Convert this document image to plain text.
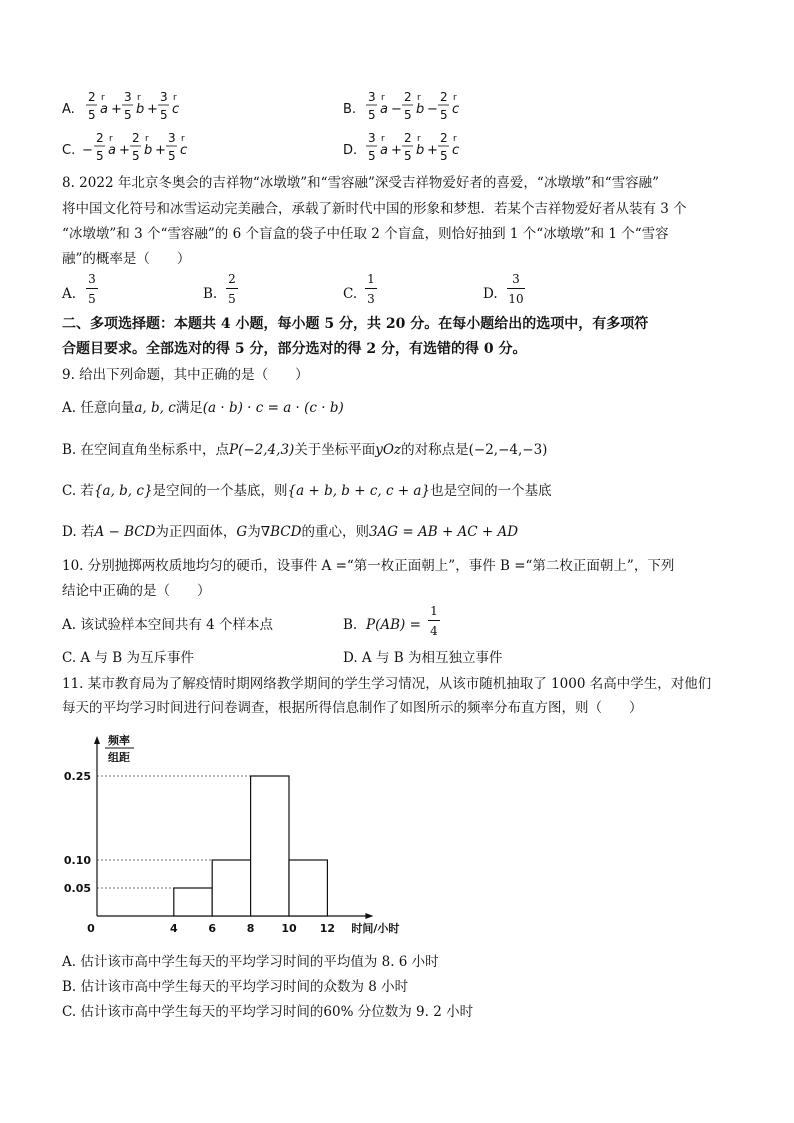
A.
2
5
r
a +
3
5
r
b +
3
5
r
c	B.
3
5
r
a −
2
5
r
b −
2
5
r
c
C. −
2
5
r
a +
2
5
r
b +
3
5
r
c	D.
3
5
r
a +
2
5
r
b +
2
5
r
c
8. 2022 年北京冬奥会的吉祥物“冰墩墩”和“雪容融”深受吉祥物爱好者的喜爱，“冰墩墩”和“雪容融”
将中国文化符号和冰雪运动完美融合，承载了新时代中国的形象和梦想．若某个吉祥物爱好者从装有 3 个
“冰墩墩”和 3 个“雪容融”的 6 个盲盒的袋子中任取 2 个盲盒，则恰好抽到 1 个“冰墩墩”和 1 个“雪容
融”的概率是（　　）
A.
3
5	B.
2
5	C.
1
3	D.
3
10
二、多项选择题：本题共 4 小题，每小题 5 分，共 20 分。在每小题给出的选项中，有多项符
合题目要求。全部选对的得 5 分，部分选对的得 2 分，有选错的得 0 分。
9. 给出下列命题，其中正确的是（　　）
A. 任意向量a, b, c满足(a · b) · c = a · (c · b)
B. 在空间直角坐标系中，点P(−2,4,3)关于坐标平面yOz的对称点是(−2,−4,−3)
C. 若{a, b, c}是空间的一个基底，则{a + b, b + c, c + a}也是空间的一个基底
D. 若A − BCD为正四面体，G为∇BCD的重心，则3AG = AB + AC + AD
10. 分别抛掷两枚质地均匀的硬币，设事件 A =“第一枚正面朝上”，事件 B =“第二枚正面朝上”，下列
结论中正确的是（　　）
A. 该试验样本空间共有 4 个样本点	B. P(AB) =
1
4
C. A 与 B 为互斥事件	D. A 与 B 为相互独立事件
11. 某市教育局为了解疫情时期网络教学期间的学生学习情况，从该市随机抽取了 1000 名高中学生，对他们
每天的平均学习时间进行问卷调查，根据所得信息制作了如图所示的频率分布直方图，则（　　）
频率
组距
时间/小时
0.05
0.10
0.25
0	4	6	8 10 12
A. 估计该市高中学生每天的平均学习时间的平均值为 8. 6 小时
B. 估计该市高中学生每天的平均学习时间的众数为 8 小时
C. 估计该市高中学生每天的平均学习时间的60% 分位数为 9. 2 小时
